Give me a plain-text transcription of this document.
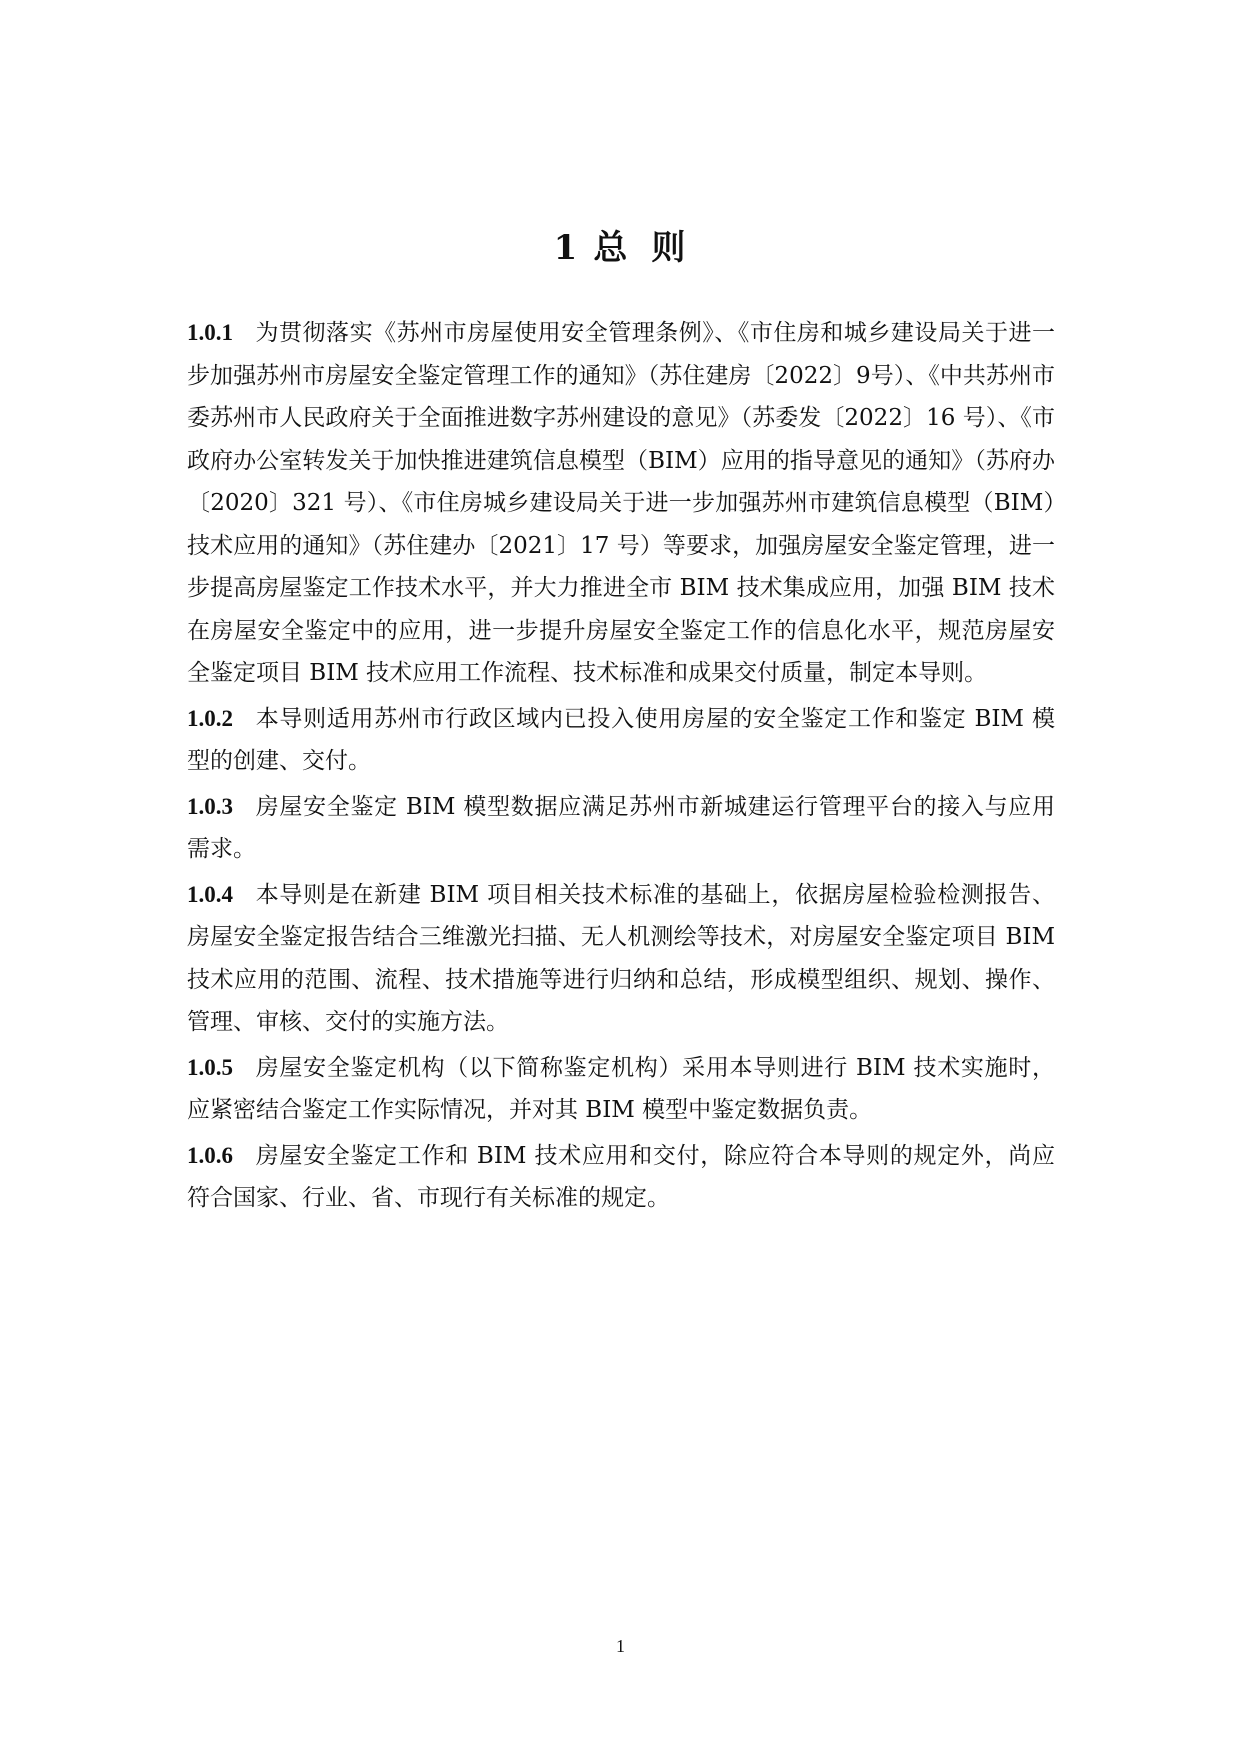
1 总 则

1.0.1 为贯彻落实《苏州市房屋使用安全管理条例》、《市住房和城乡建设局关于进一步加强苏州市房屋安全鉴定管理工作的通知》（苏住建房〔2022〕9号）、《中共苏州市委苏州市人民政府关于全面推进数字苏州建设的意见》（苏委发〔2022〕16 号）、《市政府办公室转发关于加快推进建筑信息模型（BIM）应用的指导意见的通知》（苏府办〔2020〕321 号）、《市住房城乡建设局关于进一步加强苏州市建筑信息模型（BIM）技术应用的通知》（苏住建办〔2021〕17 号）等要求，加强房屋安全鉴定管理，进一步提高房屋鉴定工作技术水平，并大力推进全市 BIM 技术集成应用，加强 BIM 技术在房屋安全鉴定中的应用，进一步提升房屋安全鉴定工作的信息化水平，规范房屋安全鉴定项目 BIM 技术应用工作流程、技术标准和成果交付质量，制定本导则。

1.0.2 本导则适用苏州市行政区域内已投入使用房屋的安全鉴定工作和鉴定 BIM 模型的创建、交付。

1.0.3 房屋安全鉴定 BIM 模型数据应满足苏州市新城建运行管理平台的接入与应用需求。

1.0.4 本导则是在新建 BIM 项目相关技术标准的基础上，依据房屋检验检测报告、房屋安全鉴定报告结合三维激光扫描、无人机测绘等技术，对房屋安全鉴定项目 BIM 技术应用的范围、流程、技术措施等进行归纳和总结，形成模型组织、规划、操作、管理、审核、交付的实施方法。

1.0.5 房屋安全鉴定机构（以下简称鉴定机构）采用本导则进行 BIM 技术实施时，应紧密结合鉴定工作实际情况，并对其 BIM 模型中鉴定数据负责。

1.0.6 房屋安全鉴定工作和 BIM 技术应用和交付，除应符合本导则的规定外，尚应符合国家、行业、省、市现行有关标准的规定。

1
